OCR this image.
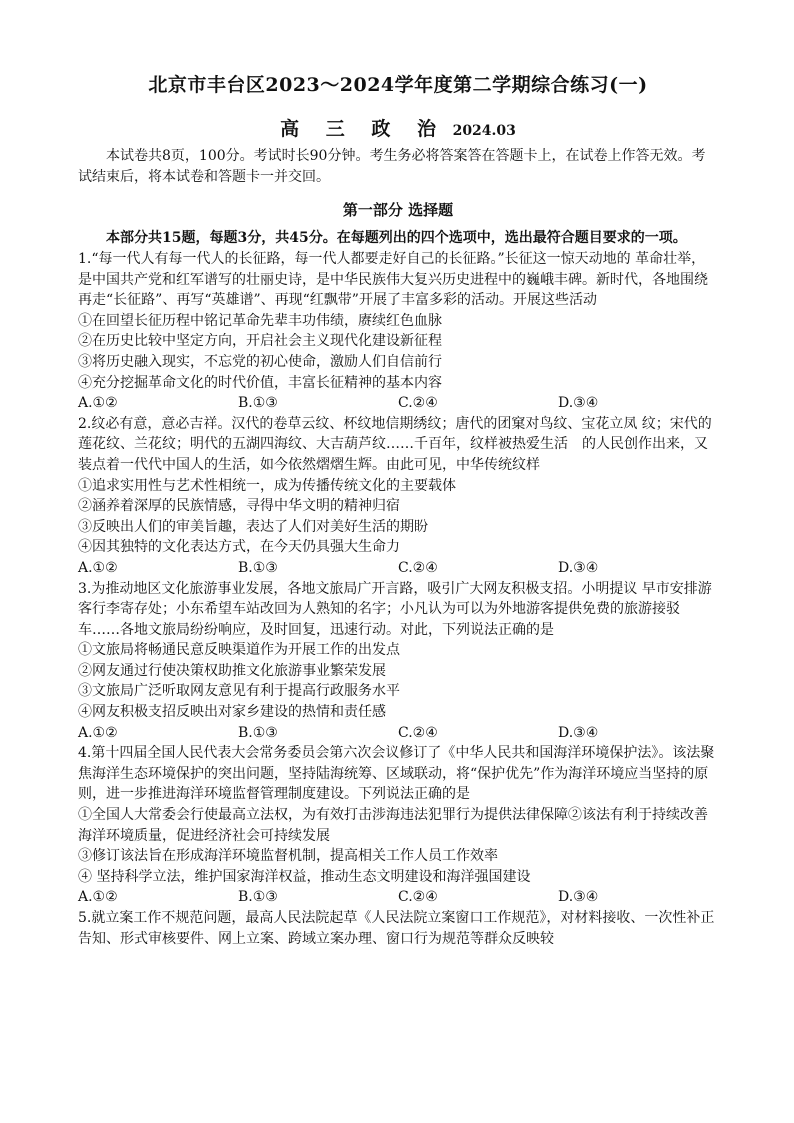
北京市丰台区2023～2024学年度第二学期综合练习(一)
高 三 政 治 2024.03
本试卷共8页，100分。考试时长90分钟。考生务必将答案答在答题卡上，在试卷上作答无效。考试结束后，将本试卷和答题卡一并交回。
第一部分 选择题
本部分共15题，每题3分，共45分。在每题列出的四个选项中，选出最符合题目要求的一项。
1.“每一代人有每一代人的长征路，每一代人都要走好自己的长征路。”长征这一惊天动地的 革命壮举，是中国共产党和红军谱写的壮丽史诗，是中华民族伟大复兴历史进程中的巍峨丰碑。新时代，各地围绕再走“长征路”、再写“英雄谱”、再现“红飘带”开展了丰富多彩的活动。开展这些活动
①在回望长征历程中铭记革命先辈丰功伟绩，赓续红色血脉
②在历史比较中坚定方向，开启社会主义现代化建设新征程
③将历史融入现实，不忘党的初心使命，激励人们自信前行
④充分挖掘革命文化的时代价值，丰富长征精神的基本内容
A.①②	B.①③	C.②④	D.③④
2.纹必有意，意必吉祥。汉代的卷草云纹、杯纹地信期绣纹；唐代的团窠对鸟纹、宝花立凤 纹；宋代的莲花纹、兰花纹；明代的五湖四海纹、大吉葫芦纹……千百年，纹样被热爱生活　的人民创作出来，又装点着一代代中国人的生活，如今依然熠熠生辉。由此可见，中华传统纹样
①追求实用性与艺术性相统一，成为传播传统文化的主要载体
②涵养着深厚的民族情感，寻得中华文明的精神归宿
③反映出人们的审美旨趣，表达了人们对美好生活的期盼
④因其独特的文化表达方式，在今天仍具强大生命力
A.①②	B.①③	C.②④	D.③④
3.为推动地区文化旅游事业发展，各地文旅局广开言路，吸引广大网友积极支招。小明提议 早市安排游客行李寄存处；小东希望车站改回为人熟知的名字；小凡认为可以为外地游客提供免费的旅游接驳车……各地文旅局纷纷响应，及时回复，迅速行动。对此，下列说法正确的是
①文旅局将畅通民意反映渠道作为开展工作的出发点
②网友通过行使决策权助推文化旅游事业繁荣发展
③文旅局广泛听取网友意见有利于提高行政服务水平
④网友积极支招反映出对家乡建设的热情和责任感
A.①②	B.①③	C.②④	D.③④
4.第十四届全国人民代表大会常务委员会第六次会议修订了《中华人民共和国海洋环境保护法》。该法聚焦海洋生态环境保护的突出问题，坚持陆海统筹、区域联动，将“保护优先”作为海洋环境应当坚持的原则，进一步推进海洋环境监督管理制度建设。下列说法正确的是
①全国人大常委会行使最高立法权，为有效打击涉海违法犯罪行为提供法律保障②该法有利于持续改善海洋环境质量，促进经济社会可持续发展
③修订该法旨在形成海洋环境监督机制，提高相关工作人员工作效率
④ 坚持科学立法，维护国家海洋权益，推动生态文明建设和海洋强国建设
A.①②	B.①③	C.②④	D.③④
5.就立案工作不规范问题，最高人民法院起草《人民法院立案窗口工作规范》，对材料接收、一次性补正告知、形式审核要件、网上立案、跨域立案办理、窗口行为规范等群众反映较
